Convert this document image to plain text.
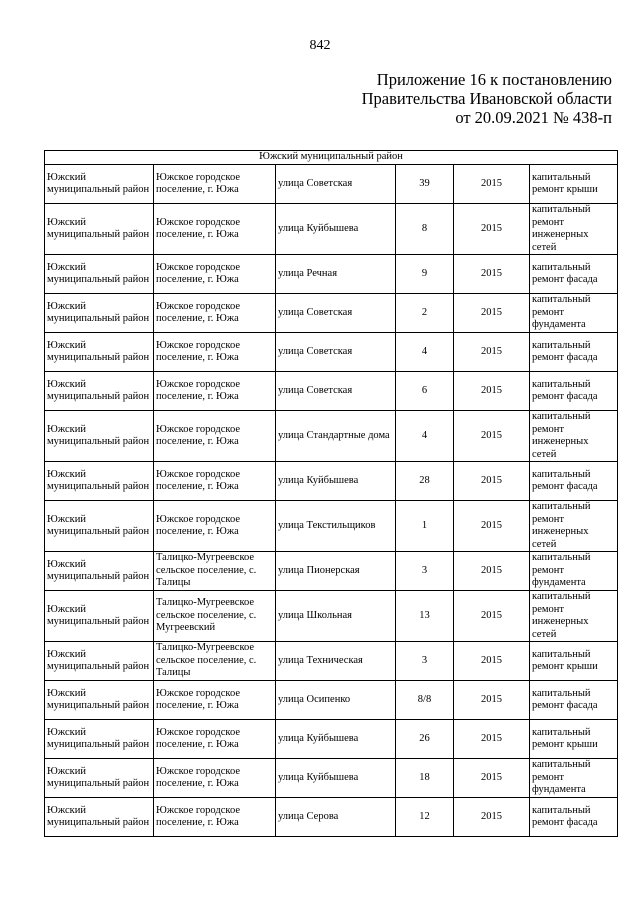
842
Приложение 16 к постановлению
Правительства Ивановской области
от 20.09.2021 № 438-п
Южский муниципальный район					
Южский муниципальный район	Южское городское поселение, г. Южа	улица Советская	39	2015	капитальный ремонт крыши
Южский муниципальный район	Южское городское поселение, г. Южа	улица Куйбышева	8	2015	капитальный ремонт инженерных сетей
Южский муниципальный район	Южское городское поселение, г. Южа	улица Речная	9	2015	капитальный ремонт фасада
Южский муниципальный район	Южское городское поселение, г. Южа	улица Советская	2	2015	капитальный ремонт фундамента
Южский муниципальный район	Южское городское поселение, г. Южа	улица Советская	4	2015	капитальный ремонт фасада
Южский муниципальный район	Южское городское поселение, г. Южа	улица Советская	6	2015	капитальный ремонт фасада
Южский муниципальный район	Южское городское поселение, г. Южа	улица Стандартные дома	4	2015	капитальный ремонт инженерных сетей
Южский муниципальный район	Южское городское поселение, г. Южа	улица Куйбышева	28	2015	капитальный ремонт фасада
Южский муниципальный район	Южское городское поселение, г. Южа	улица Текстильщиков	1	2015	капитальный ремонт инженерных сетей
Южский муниципальный район	Талицко-Мугреевское сельское поселение, с. Талицы	улица Пионерская	3	2015	капитальный ремонт фундамента
Южский муниципальный район	Талицко-Мугреевское сельское поселение, с. Мугреевский	улица Школьная	13	2015	капитальный ремонт инженерных сетей
Южский муниципальный район	Талицко-Мугреевское сельское поселение, с. Талицы	улица Техническая	3	2015	капитальный ремонт крыши
Южский муниципальный район	Южское городское поселение, г. Южа	улица Осипенко	8/8	2015	капитальный ремонт фасада
Южский муниципальный район	Южское городское поселение, г. Южа	улица Куйбышева	26	2015	капитальный ремонт крыши
Южский муниципальный район	Южское городское поселение, г. Южа	улица Куйбышева	18	2015	капитальный ремонт фундамента
Южский муниципальный район	Южское городское поселение, г. Южа	улица Серова	12	2015	капитальный ремонт фасада
